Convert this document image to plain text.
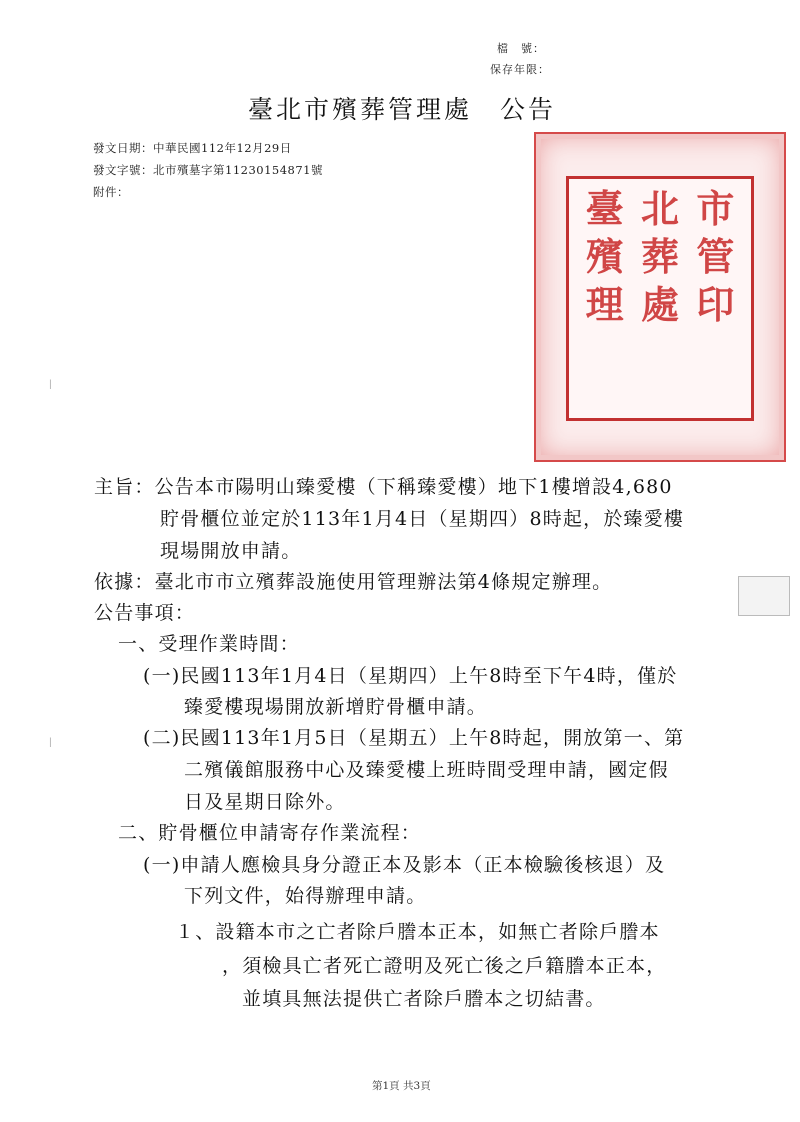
檔　號：
保存年限：
臺北市殯葬管理處　公告
發文日期：中華民國112年12月29日
發文字號：北市殯墓字第11230154871號
附件：	臺 北 市
殯 葬 管
理 處 印
▏
▏
主旨：公告本市陽明山臻愛樓（下稱臻愛樓）地下1樓增設4,680
貯骨櫃位並定於113年1月4日（星期四）8時起，於臻愛樓
現場開放申請。
依據：臺北市市立殯葬設施使用管理辦法第4條規定辦理。
公告事項：
一、受理作業時間：
(一)民國113年1月4日（星期四）上午8時至下午4時，僅於
臻愛樓現場開放新增貯骨櫃申請。
(二)民國113年1月5日（星期五）上午8時起，開放第一、第
二殯儀館服務中心及臻愛樓上班時間受理申請，國定假
日及星期日除外。
二、貯骨櫃位申請寄存作業流程：
(一)申請人應檢具身分證正本及影本（正本檢驗後核退）及
下列文件，始得辦理申請。
１、設籍本市之亡者除戶謄本正本，如無亡者除戶謄本
，須檢具亡者死亡證明及死亡後之戶籍謄本正本，
並填具無法提供亡者除戶謄本之切結書。
第1頁 共3頁
